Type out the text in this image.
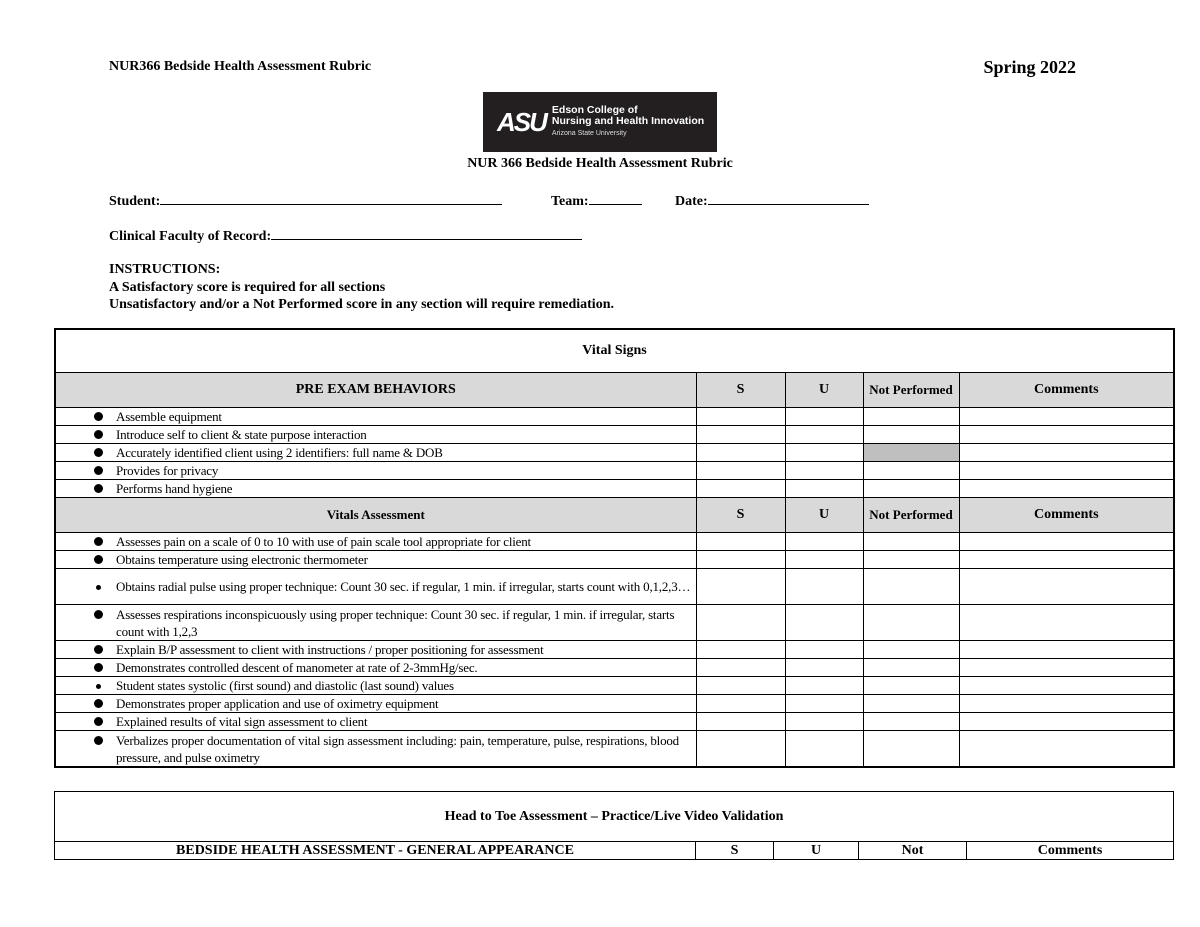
NUR366 Bedside Health Assessment Rubric	Spring 2022
ASU Edson College of
Nursing and Health Innovation
Arizona State University
NUR 366 Bedside Health Assessment Rubric
Student:	Team:	Date:
Clinical Faculty of Record:
INSTRUCTIONS:
A Satisfactory score is required for all sections
Unsatisfactory and/or a Not Performed score in any section will require remediation.
Vital Signs				
PRE EXAM BEHAVIORS	S	U	Not Performed	Comments

Assemble equipment				

Introduce self to client & state purpose interaction				

Accurately identified client using 2 identifiers: full name & DOB				

Provides for privacy				

Performs hand hygiene				

Vitals Assessment	S	U	Not Performed	Comments

Assesses pain on a scale of 0 to 10 with use of pain scale tool appropriate for client				

Obtains temperature using electronic thermometer				

Obtains radial pulse using proper technique: Count 30 sec. if regular, 1 min. if irregular, starts count with 0,1,2,3…				

Assesses respirations inconspicuously using proper technique: Count 30 sec. if regular, 1 min. if irregular, starts count with 1,2,3				

Explain B/P assessment to client with instructions / proper positioning for assessment				

Demonstrates controlled descent of manometer at rate of 2-3mmHg/sec.				

Student states systolic (first sound) and diastolic (last sound) values				

Demonstrates proper application and use of oximetry equipment				

Explained results of vital sign assessment to client				

Verbalizes proper documentation of vital sign assessment including: pain, temperature, pulse, respirations, blood pressure, and pulse oximetry				

Head to Toe Assessment – Practice/Live Video Validation
BEDSIDE HEALTH ASSESSMENT - GENERAL APPEARANCE	S	U	Not	Comments
